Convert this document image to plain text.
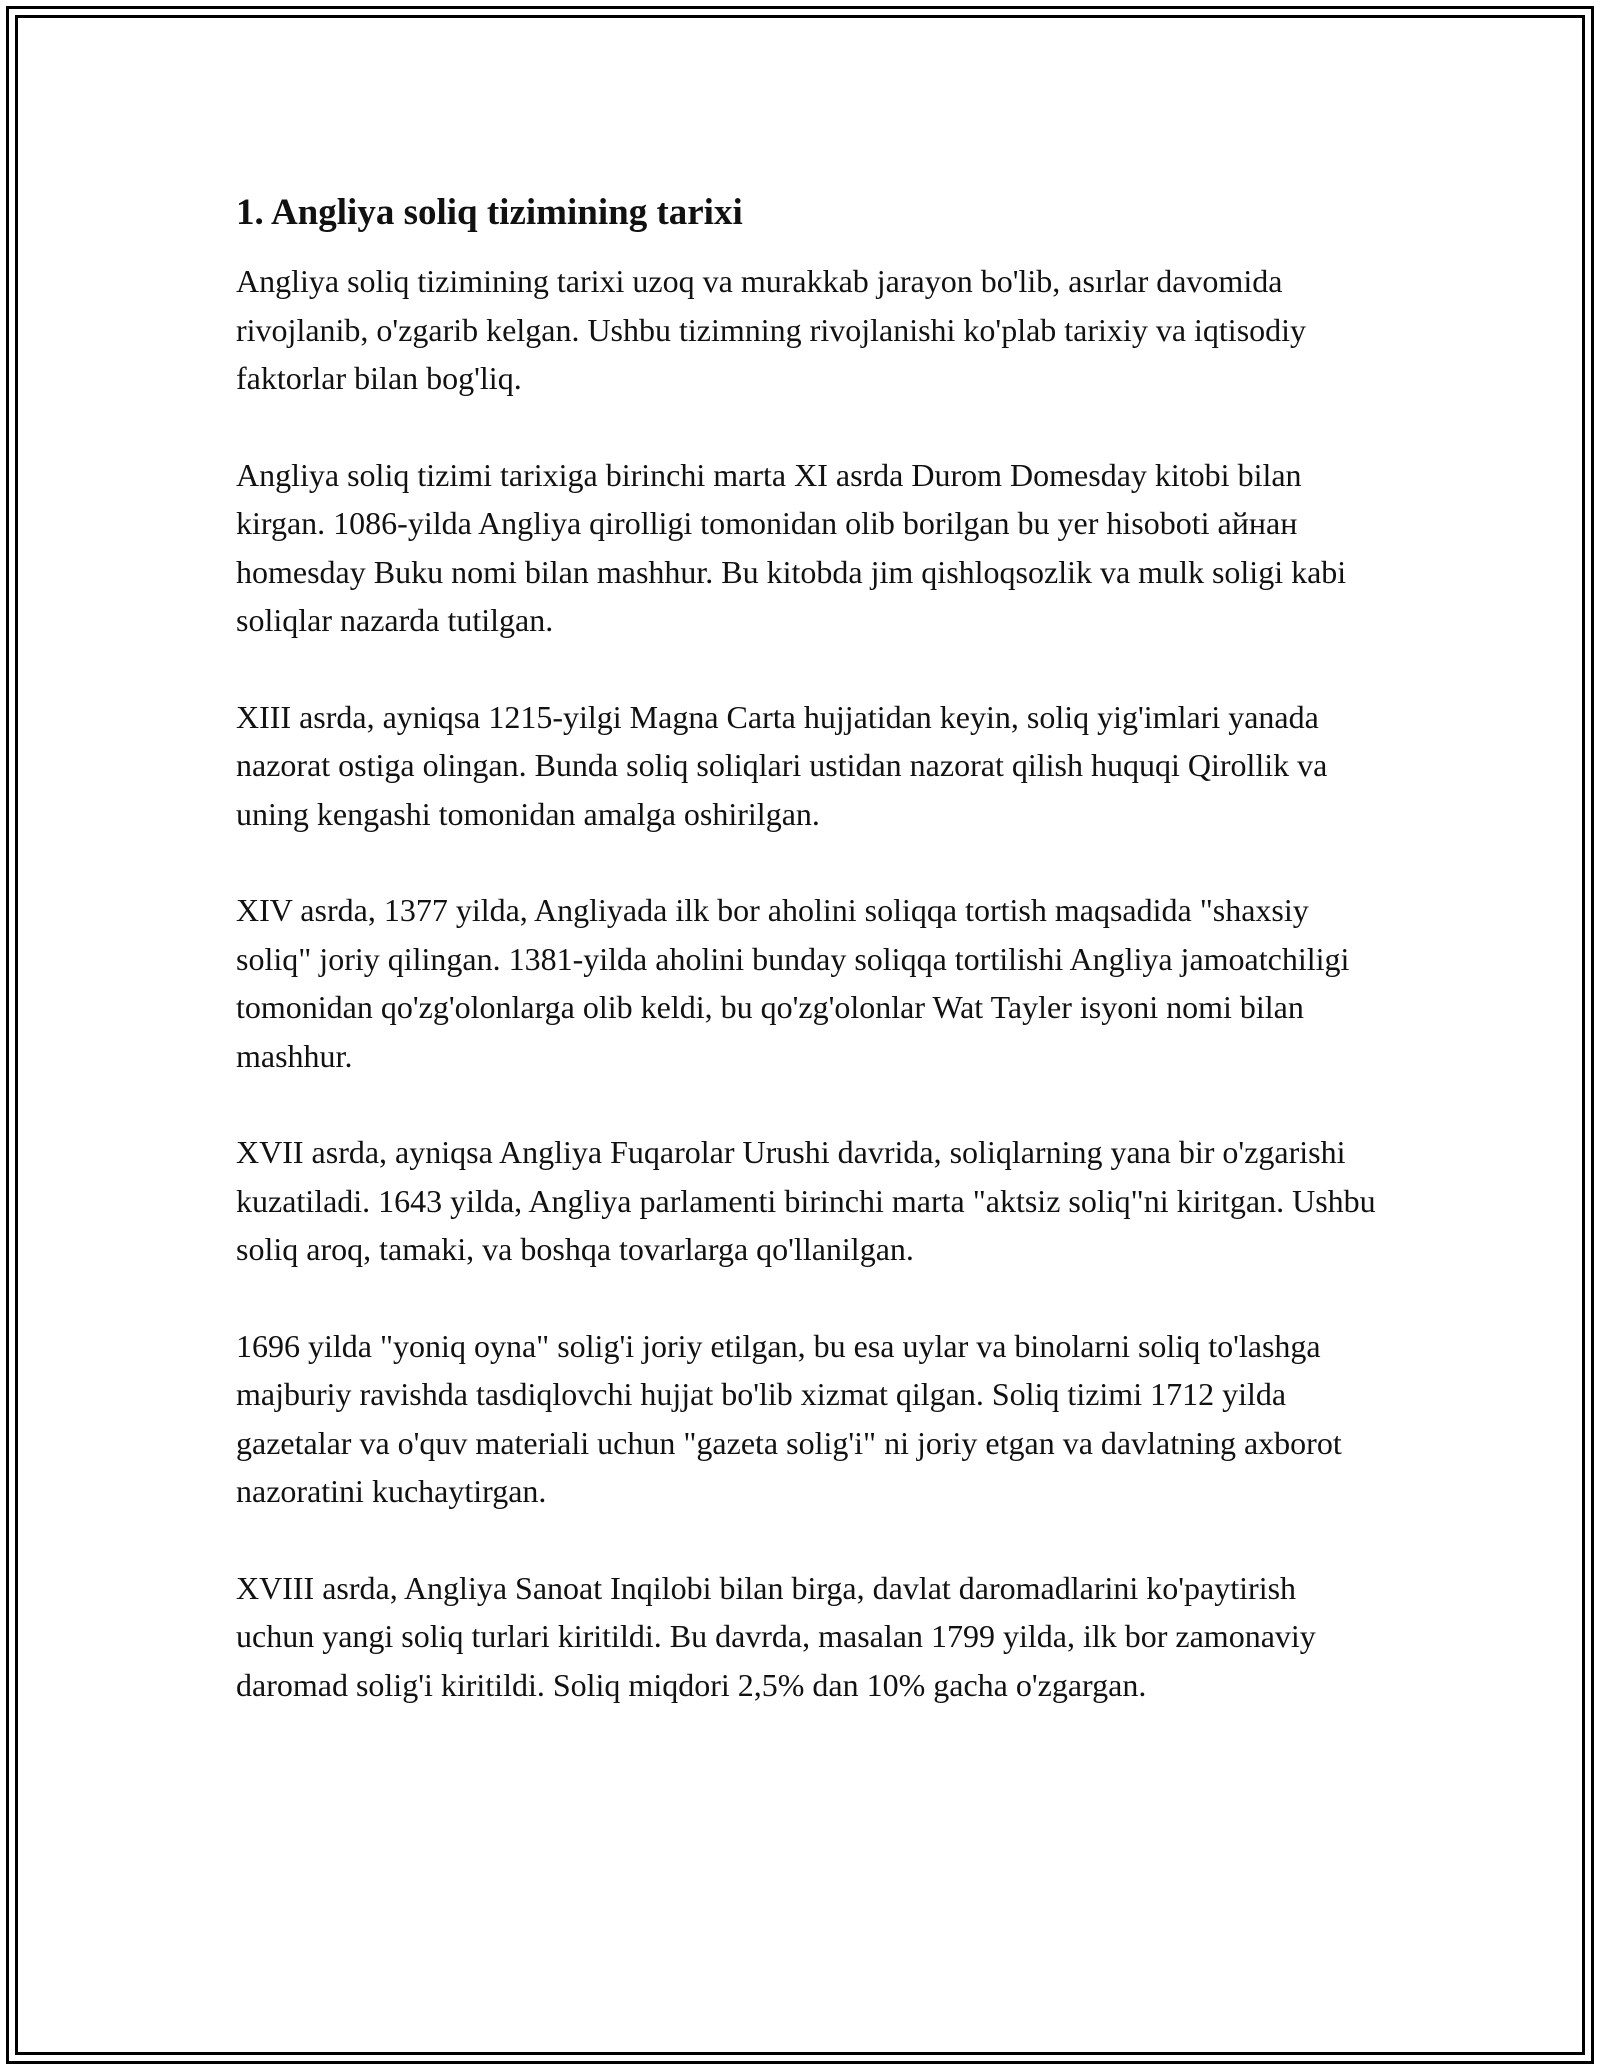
1. Angliya soliq tizimining tarixi

Angliya soliq tizimining tarixi uzoq va murakkab jarayon bo'lib, asırlar davomida rivojlanib, o'zgarib kelgan. Ushbu tizimning rivojlanishi ko'plab tarixiy va iqtisodiy faktorlar bilan bog'liq.

Angliya soliq tizimi tarixiga birinchi marta XI asrda Durom Domesday kitobi bilan kirgan. 1086-yilda Angliya qirolligi tomonidan olib borilgan bu yer hisoboti айнан homesday Buku nomi bilan mashhur. Bu kitobda jim qishloqsozlik va mulk soligi kabi soliqlar nazarda tutilgan.

XIII asrda, ayniqsa 1215-yilgi Magna Carta hujjatidan keyin, soliq yig'imlari yanada nazorat ostiga olingan. Bunda soliq soliqlari ustidan nazorat qilish huquqi Qirollik va uning kengashi tomonidan amalga oshirilgan.

XIV asrda, 1377 yilda, Angliyada ilk bor aholini soliqqa tortish maqsadida "shaxsiy soliq" joriy qilingan. 1381-yilda aholini bunday soliqqa tortilishi Angliya jamoatchiligi tomonidan qo'zg'olonlarga olib keldi, bu qo'zg'olonlar Wat Tayler isyoni nomi bilan mashhur.

XVII asrda, ayniqsa Angliya Fuqarolar Urushi davrida, soliqlarning yana bir o'zgarishi kuzatiladi. 1643 yilda, Angliya parlamenti birinchi marta "aktsiz soliq"ni kiritgan. Ushbu soliq aroq, tamaki, va boshqa tovarlarga qo'llanilgan.

1696 yilda "yoniq oyna" solig'i joriy etilgan, bu esa uylar va binolarni soliq to'lashga majburiy ravishda tasdiqlovchi hujjat bo'lib xizmat qilgan. Soliq tizimi 1712 yilda gazetalar va o'quv materiali uchun "gazeta solig'i" ni joriy etgan va davlatning axborot nazoratini kuchaytirgan.

XVIII asrda, Angliya Sanoat Inqilobi bilan birga, davlat daromadlarini ko'paytirish uchun yangi soliq turlari kiritildi. Bu davrda, masalan 1799 yilda, ilk bor zamonaviy daromad solig'i kiritildi. Soliq miqdori 2,5% dan 10% gacha o'zgargan.
